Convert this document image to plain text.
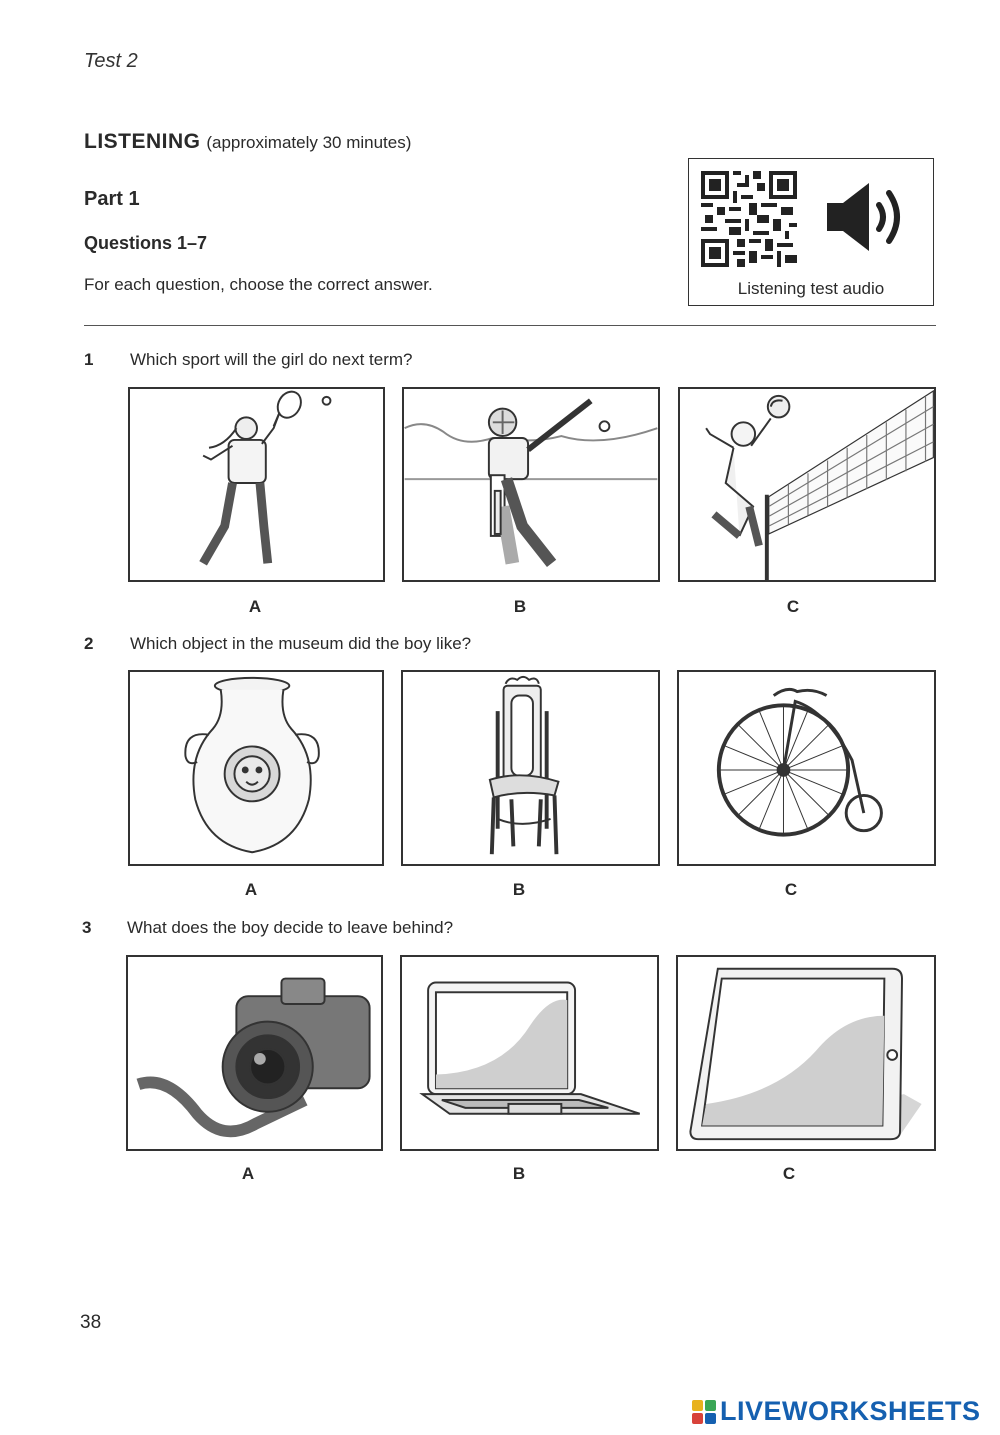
Test 2
LISTENING (approximately 30 minutes)
Part 1
Questions 1–7
For each question, choose the correct answer.	Listening test audio
1 Which sport will the girl do next term?
A	B	C
2 Which object in the museum did the boy like?
A	B	C
3 What does the boy decide to leave behind?
A	B	C
38
LIVEWORKSHEETS
